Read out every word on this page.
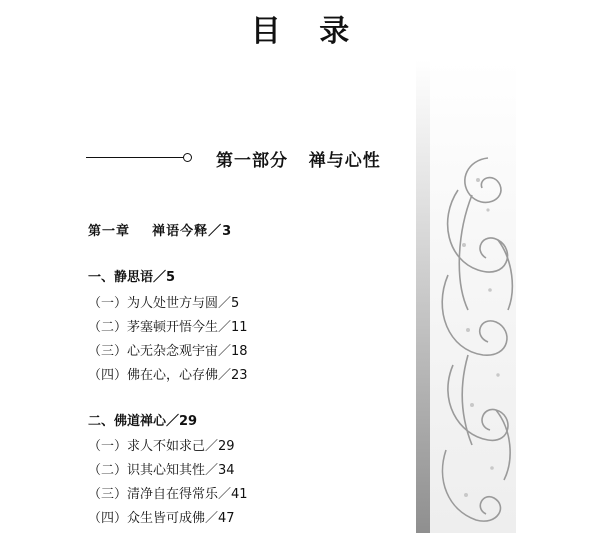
目 录
第一部分   禅与心性
第一章    禅语今释／3
一、静思语／5
（一）为人处世方与圆／5
（二）茅塞顿开悟今生／11
（三）心无杂念观宇宙／18
（四）佛在心，心存佛／23
二、佛道禅心／29
（一）求人不如求己／29
（二）识其心知其性／34
（三）清净自在得常乐／41
（四）众生皆可成佛／47
